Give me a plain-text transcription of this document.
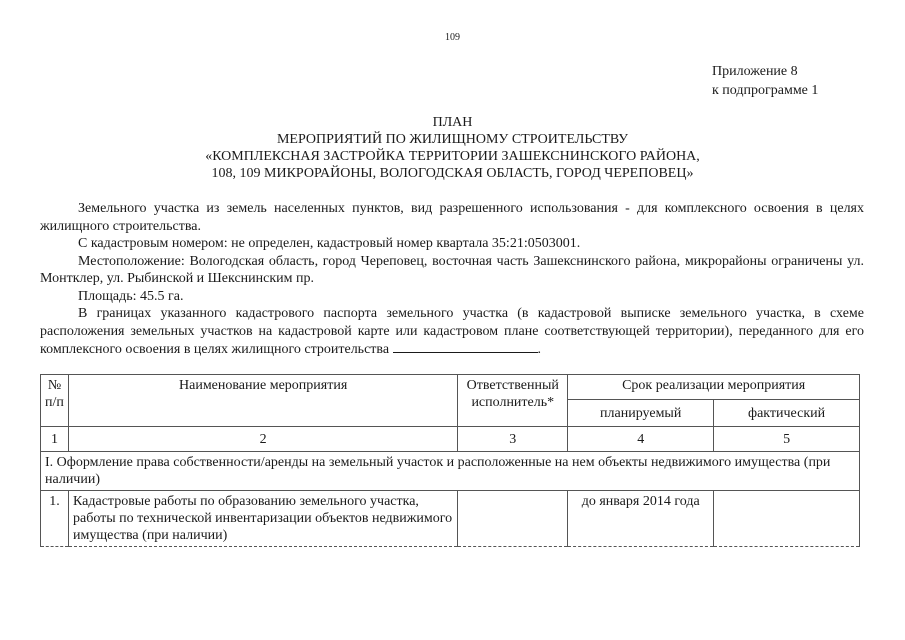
109
Приложение 8
к подпрограмме 1
ПЛАН
МЕРОПРИЯТИЙ ПО ЖИЛИЩНОМУ СТРОИТЕЛЬСТВУ
«КОМПЛЕКСНАЯ ЗАСТРОЙКА ТЕРРИТОРИИ ЗАШЕКСНИНСКОГО РАЙОНА,
108, 109 МИКРОРАЙОНЫ, ВОЛОГОДСКАЯ ОБЛАСТЬ, ГОРОД ЧЕРЕПОВЕЦ»

Земельного участка из земель населенных пунктов, вид разрешенного использования - для комплексного освоения в целях жилищного строительства.

С кадастровым номером: не определен, кадастровый номер квартала 35:21:0503001.

Местоположение: Вологодская область, город Череповец, восточная часть Зашекснинского района, микрорайоны ограничены ул. Монтклер, ул. Рыбинской и Шекснинским пр.

Площадь: 45.5 га.

В границах указанного кадастрового паспорта земельного участка (в кадастровой выписке земельного участка, в схеме расположения земельных участков на кадастровой карте или кадастровом плане соответствующей территории), переданного для его комплексного освоения в целях жилищного строительства	.

№ п/п	Наименование мероприятия	Ответственный исполнитель*	Срок реализации мероприятия	
			планируемый	фактический
1	2	3	4	5
I. Оформление права собственности/аренды на земельный участок и расположенные на нем объекты недвижимого имущества (при наличии)				
1.	Кадастровые работы по образованию земельного участка, работы по технической инвентаризации объектов недвижимого имущества (при наличии)		до января 2014 года	
